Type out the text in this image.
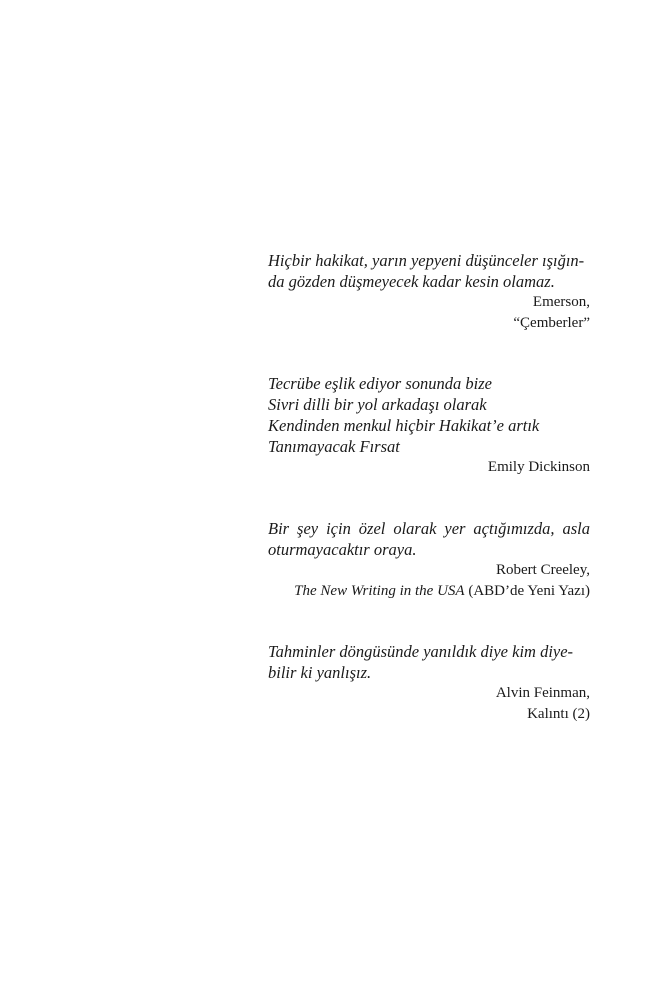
Hiçbir hakikat, yarın yepyeni düşünceler ışığın-
da gözden düşmeyecek kadar kesin olamaz.
Emerson,
“Çemberler”
Tecrübe eşlik ediyor sonunda bize
Sivri dilli bir yol arkadaşı olarak
Kendinden menkul hiçbir Hakikat’e artık
Tanımayacak Fırsat
Emily Dickinson
Bir şey için özel olarak yer açtığımızda, asla
oturmayacaktır oraya.
Robert Creeley,
The New Writing in the USA (ABD’de Yeni Yazı)
Tahminler döngüsünde yanıldık diye kim diye-
bilir ki yanlışız.
Alvin Feinman,
Kalıntı (2)
